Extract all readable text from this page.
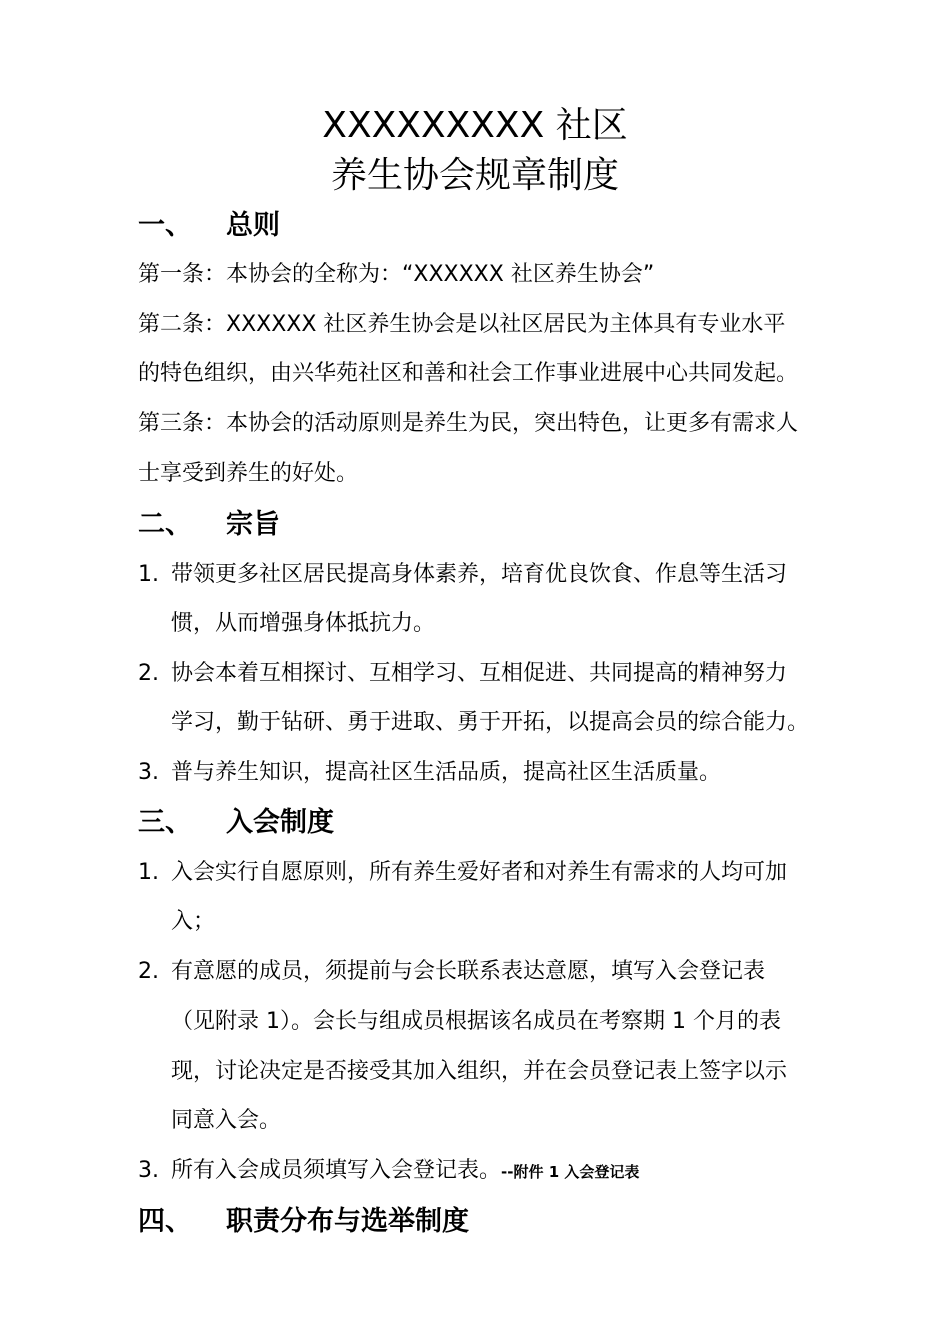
XXXXXXXXX 社区
养生协会规章制度
一、 总则
第一条：本协会的全称为：“XXXXXX 社区养生协会”
第二条：XXXXXX 社区养生协会是以社区居民为主体具有专业水平
的特色组织，由兴华苑社区和善和社会工作事业进展中心共同发起。
第三条：本协会的活动原则是养生为民，突出特色，让更多有需求人
士享受到养生的好处。
二、 宗旨
1. 带领更多社区居民提高身体素养，培育优良饮食、作息等生活习
惯，从而增强身体抵抗力。
2. 协会本着互相探讨、互相学习、互相促进、共同提高的精神努力
学习，勤于钻研、勇于进取、勇于开拓，以提高会员的综合能力。
3. 普与养生知识，提高社区生活品质，提高社区生活质量。
三、 入会制度
1. 入会实行自愿原则，所有养生爱好者和对养生有需求的人均可加
入；
2. 有意愿的成员，须提前与会长联系表达意愿，填写入会登记表
（见附录 1）。会长与组成员根据该名成员在考察期 1 个月的表
现，讨论决定是否接受其加入组织，并在会员登记表上签字以示
同意入会。
3. 所有入会成员须填写入会登记表。--附件 1 入会登记表
四、 职责分布与选举制度
